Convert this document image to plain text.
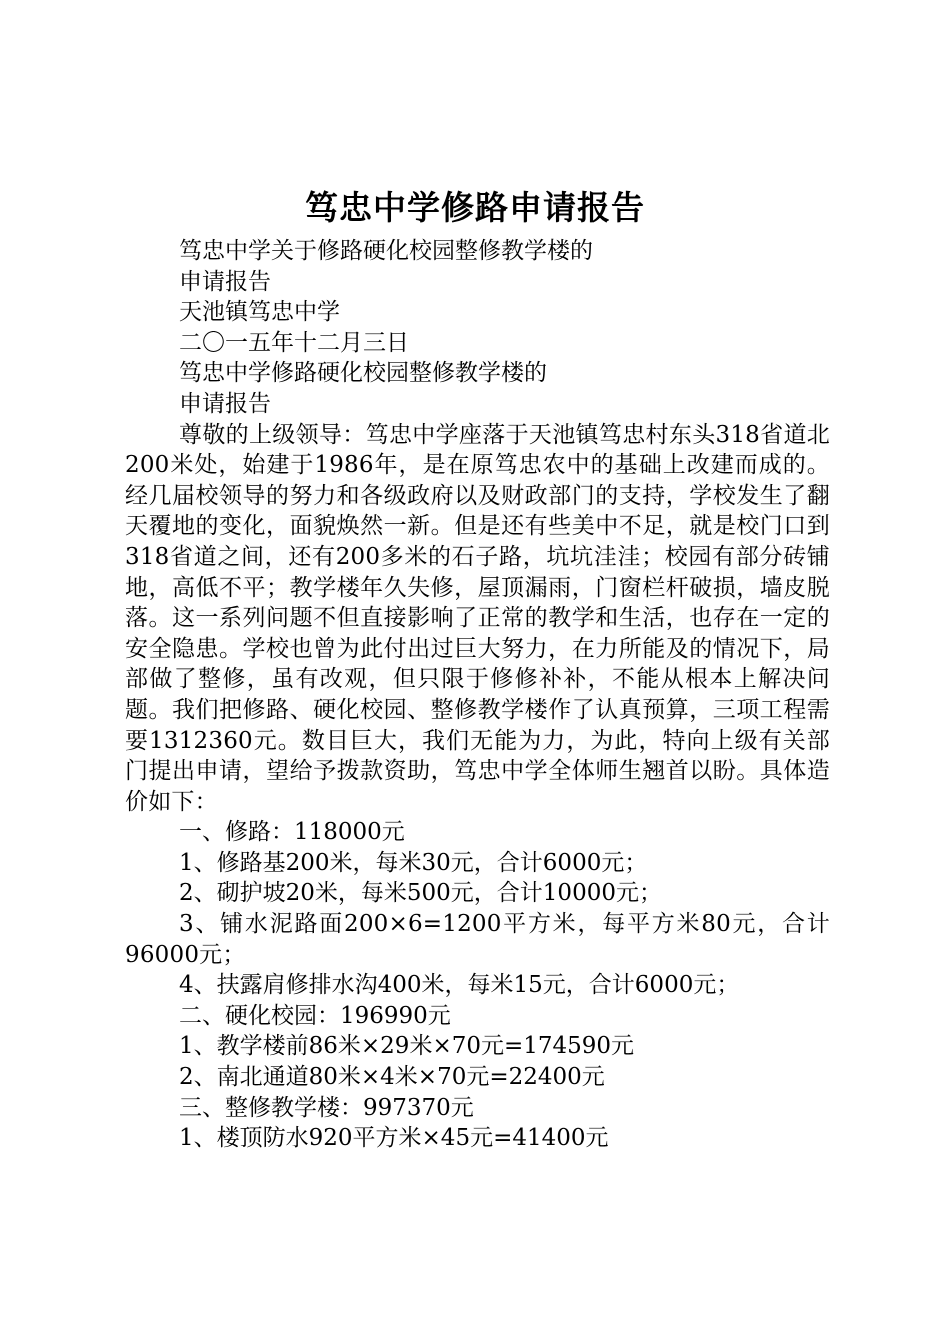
笃忠中学修路申请报告
笃忠中学关于修路硬化校园整修教学楼的
申请报告
天池镇笃忠中学
二〇一五年十二月三日
笃忠中学修路硬化校园整修教学楼的
申请报告
尊敬的上级领导：笃忠中学座落于天池镇笃忠村东头318省道北200米处，始建于1986年，是在原笃忠农中的基础上改建而成的。经几届校领导的努力和各级政府以及财政部门的支持，学校发生了翻天覆地的变化，面貌焕然一新。但是还有些美中不足，就是校门口到318省道之间，还有200多米的石子路，坑坑洼洼；校园有部分砖铺地，高低不平；教学楼年久失修，屋顶漏雨，门窗栏杆破损，墙皮脱落。这一系列问题不但直接影响了正常的教学和生活，也存在一定的安全隐患。学校也曾为此付出过巨大努力，在力所能及的情况下，局部做了整修，虽有改观，但只限于修修补补，不能从根本上解决问题。我们把修路、硬化校园、整修教学楼作了认真预算，三项工程需要1312360元。数目巨大，我们无能为力，为此，特向上级有关部门提出申请，望给予拨款资助，笃忠中学全体师生翘首以盼。具体造价如下：
一、修路：118000元
1、修路基200米，每米30元，合计6000元；
2、砌护坡20米，每米500元，合计10000元；
3、铺水泥路面200×6=1200平方米，每平方米80元，合计96000元；
4、扶露肩修排水沟400米，每米15元，合计6000元；
二、硬化校园：196990元
1、教学楼前86米×29米×70元=174590元
2、南北通道80米×4米×70元=22400元
三、整修教学楼：997370元
1、楼顶防水920平方米×45元=41400元
